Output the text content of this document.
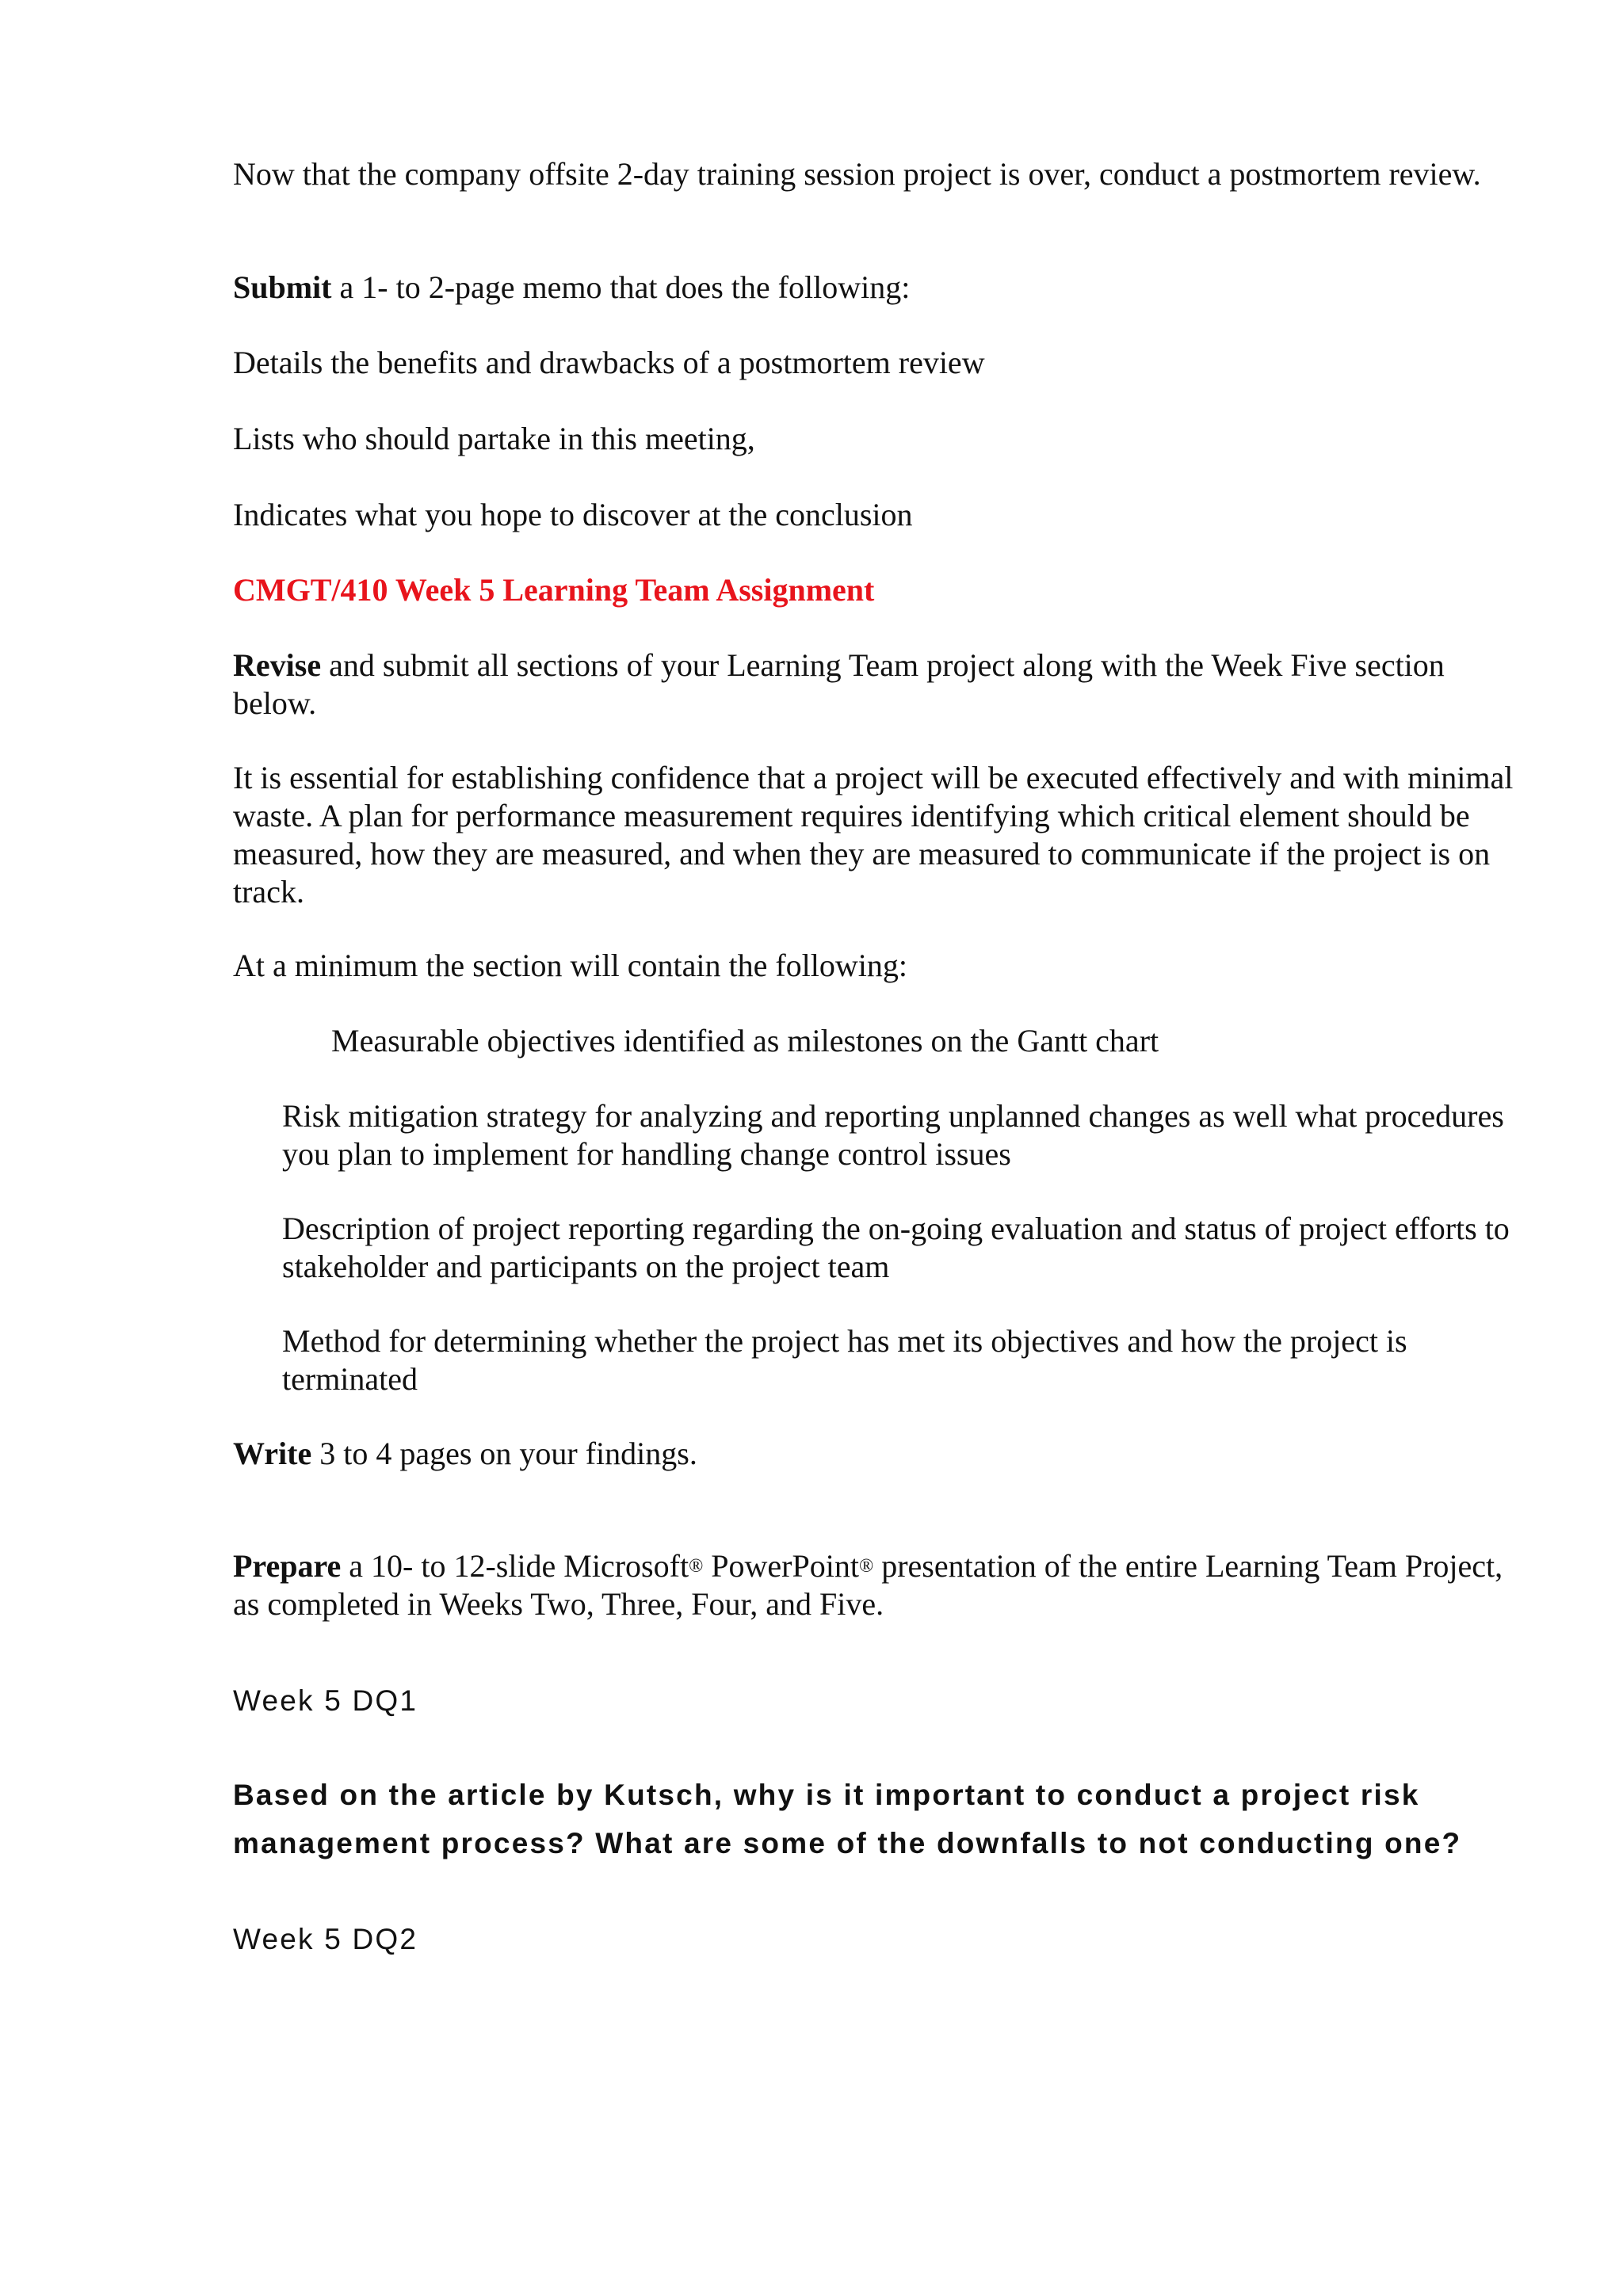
Now that the company offsite 2-day training session project is over, conduct a postmortem review.

Submit a 1- to 2-page memo that does the following:

Details the benefits and drawbacks of a postmortem review

Lists who should partake in this meeting,

Indicates what you hope to discover at the conclusion

CMGT/410 Week 5 Learning Team Assignment

Revise and submit all sections of your Learning Team project along with the Week Five section below.

It is essential for establishing confidence that a project will be executed effectively and with minimal waste. A plan for performance measurement requires identifying which critical element should be measured, how they are measured, and when they are measured to communicate if the project is on track.

At a minimum the section will contain the following:

Measurable objectives identified as milestones on the Gantt chart

Risk mitigation strategy for analyzing and reporting unplanned changes as well what procedures you plan to implement for handling change control issues

Description of project reporting regarding the on-going evaluation and status of project efforts to stakeholder and participants on the project team

Method for determining whether the project has met its objectives and how the project is terminated

Write 3 to 4 pages on your findings.

Prepare a 10- to 12-slide Microsoft® PowerPoint® presentation of the entire Learning Team Project, as completed in Weeks Two, Three, Four, and Five.

Week 5 DQ1

Based on the article by Kutsch, why is it important to conduct a project risk management process? What are some of the downfalls to not conducting one?

Week 5 DQ2
